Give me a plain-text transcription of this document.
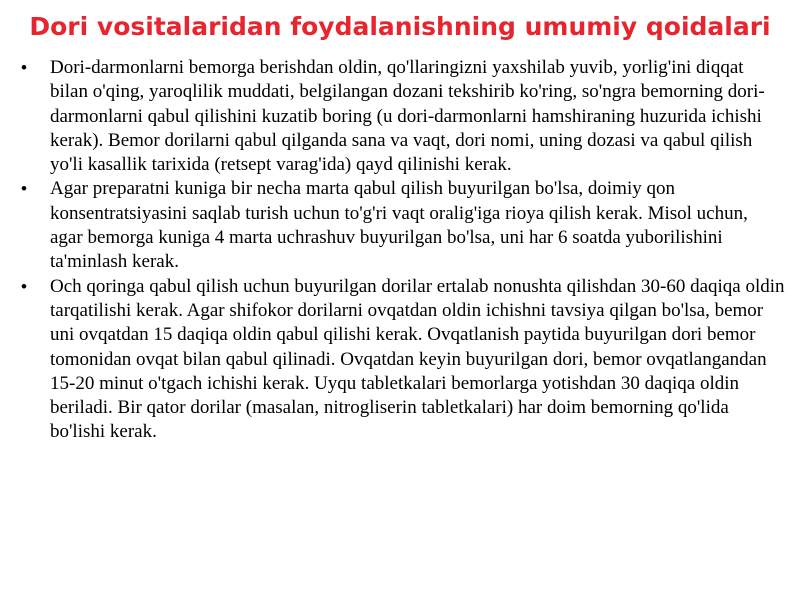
Dori vositalaridan foydalanishning umumiy qoidalari
• Dori-darmonlarni bemorga berishdan oldin, qo'llaringizni yaxshilab yuvib, yorlig'ini diqqat bilan o'qing, yaroqlilik muddati, belgilangan dozani tekshirib ko'ring, so'ngra bemorning dori-darmonlarni qabul qilishini kuzatib boring (u dori-darmonlarni hamshiraning huzurida ichishi kerak). Bemor dorilarni qabul qilganda sana va vaqt, dori nomi, uning dozasi va qabul qilish yo'li kasallik tarixida (retsept varag'ida) qayd qilinishi kerak.
• Agar preparatni kuniga bir necha marta qabul qilish buyurilgan bo'lsa, doimiy qon konsentratsiyasini saqlab turish uchun to'g'ri vaqt oralig'iga rioya qilish kerak. Misol uchun, agar bemorga kuniga 4 marta uchrashuv buyurilgan bo'lsa, uni har 6 soatda yuborilishini ta'minlash kerak.
• Och qoringa qabul qilish uchun buyurilgan dorilar ertalab nonushta qilishdan 30-60 daqiqa oldin tarqatilishi kerak. Agar shifokor dorilarni ovqatdan oldin ichishni tavsiya qilgan bo'lsa, bemor uni ovqatdan 15 daqiqa oldin qabul qilishi kerak. Ovqatlanish paytida buyurilgan dori bemor tomonidan ovqat bilan qabul qilinadi. Ovqatdan keyin buyurilgan dori, bemor ovqatlangandan 15-20 minut o'tgach ichishi kerak. Uyqu tabletkalari bemorlarga yotishdan 30 daqiqa oldin beriladi. Bir qator dorilar (masalan, nitrogliserin tabletkalari) har doim bemorning qo'lida bo'lishi kerak.
